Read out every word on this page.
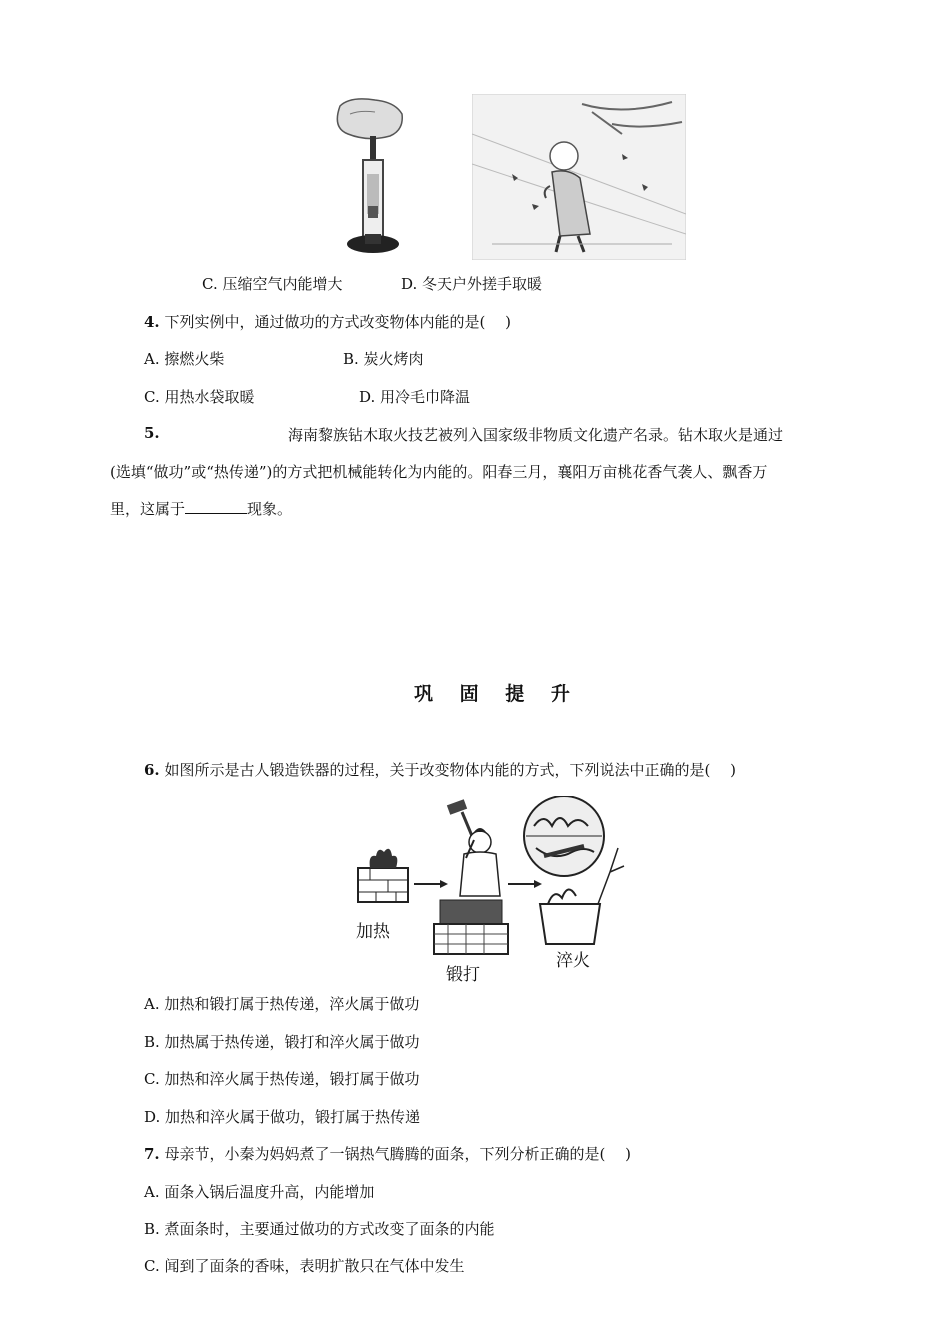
C. 压缩空气内能增大	D. 冬天户外搓手取暖
4. 下列实例中，通过做功的方式改变物体内能的是(　 )
A. 擦燃火柴	B. 炭火烤肉
C. 用热水袋取暖	D. 用冷毛巾降温
5.	海南黎族钻木取火技艺被列入国家级非物质文化遗产名录。钻木取火是通过
(选填“做功”或“热传递”)的方式把机械能转化为内能的。阳春三月，襄阳万亩桃花香气袭人、飘香万
里，这属于	现象。
巩 固 提 升
6. 如图所示是古人锻造铁器的过程，关于改变物体内能的方式，下列说法中正确的是(　 )
加热
锻打
淬火
A. 加热和锻打属于热传递，淬火属于做功
B. 加热属于热传递，锻打和淬火属于做功
C. 加热和淬火属于热传递，锻打属于做功
D. 加热和淬火属于做功，锻打属于热传递
7. 母亲节，小秦为妈妈煮了一锅热气腾腾的面条，下列分析正确的是(　 )
A. 面条入锅后温度升高，内能增加
B. 煮面条时，主要通过做功的方式改变了面条的内能
C. 闻到了面条的香味，表明扩散只在气体中发生
